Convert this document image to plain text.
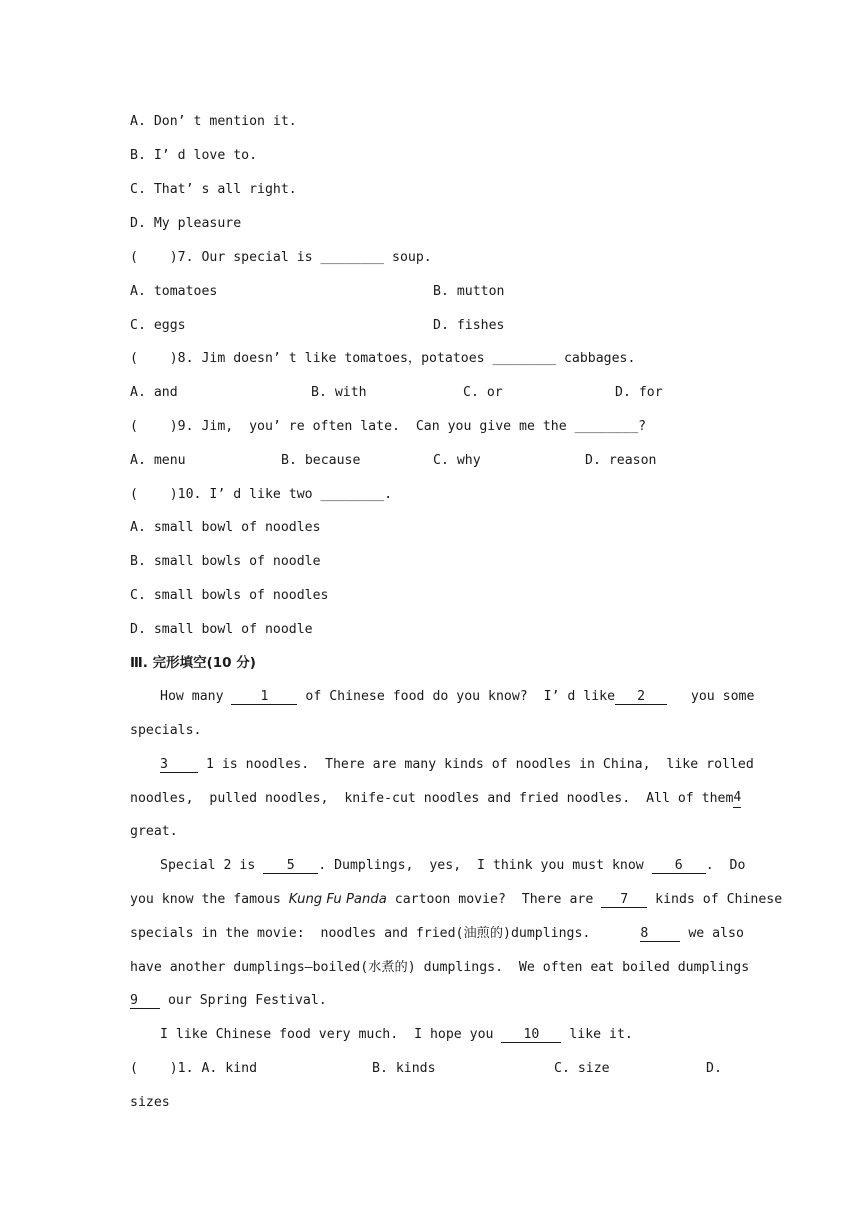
A. Don’ t mention it.
B. I’ d love to.
C. That’ s all right.
D. My pleasure
(    )7. Our special is ________ soup.
A. tomatoes	B. mutton
C. eggs	D. fishes
(    )8. Jim doesn’ t like tomatoes，potatoes ________ cabbages.
A. and	B. with	C. or	D. for
(    )9. Jim,  you’ re often late.  Can you give me the ________?
A. menu	B. because	C. why	D. reason
(    )10. I’ d like two ________.
A. small bowl of noodles
B. small bowls of noodle
C. small bowls of noodles
D. small bowl of noodle
Ⅲ. 完形填空(10 分)
How many 1 of Chinese food do you know?  I’ d like 2	you some
specials.
3 1 is noodles.  There are many kinds of noodles in China,  like rolled
noodles,  pulled noodles,  knife-cut noodles and fried noodles.  All of them 4
great.
Special 2 is 5 . Dumplings,  yes,  I think you must know 6 .  Do
you know the famous Kung Fu Panda cartoon movie?  There are 7 kinds of Chinese
specials in the movie:  noodles and fried(油煎的)dumplings.	8	we also
have another dumplings—boiled(水煮的) dumplings.  We often eat boiled dumplings
9 our Spring Festival.
I like Chinese food very much.  I hope you 10 like it.
(    )1. A. kind	B. kinds	C. size	D.
sizes
